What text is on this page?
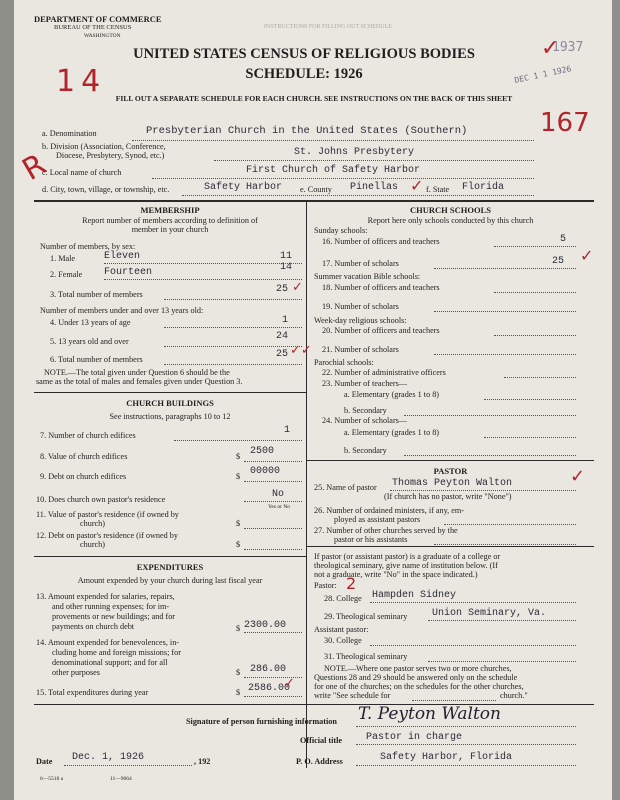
DEPARTMENT OF COMMERCE
BUREAU OF THE CENSUS
WASHINGTON
INSTRUCTIONS FOR FILLING OUT SCHEDULE
UNITED STATES CENSUS OF RELIGIOUS BODIES
SCHEDULE: 1926
FILL OUT A SEPARATE SCHEDULE FOR EACH CHURCH. SEE INSTRUCTIONS ON THE BACK OF THIS SHEET
1937
DEC 1 1 1926
✓
14
167
R
a. Denomination	Presbyterian Church in the United States (Southern)
b. Division (Association, Conference,
Diocese, Presbytery, Synod, etc.)	St. Johns Presbytery
c. Local name of church	First Church of Safety Harbor
d. City, town, village, or township, etc.	Safety Harbor e. County Pinellas ✓ f. State Florida
MEMBERSHIP
Report number of members according to definition of
member in your church
Number of members, by sex:
1. Male	Eleven	11
2. Female Fourteen	14
3. Total number of members	25 ✓
Number of members under and over 13 years old:
4. Under 13 years of age	1
5. 13 years old and over	24
6. Total number of members	25 ✓✓
NOTE.—The total given under Question 6 should be the
same as the total of males and females given under Question 3.
CHURCH BUILDINGS
See instructions, paragraphs 10 to 12
7. Number of church edifices	1
8. Value of church edifices	$ 2500
9. Debt on church edifices	$ 00000
10. Does church own pastor's residence	No
Yes or No
11. Value of pastor's residence (if owned by
church)	$
12. Debt on pastor's residence (if owned by
church)	$
EXPENDITURES
Amount expended by your church during last fiscal year
13. Amount expended for salaries, repairs,
and other running expenses; for im-
provements or new buildings; and for
payments on church debt	$ 2300.00
14. Amount expended for benevolences, in-
cluding home and foreign missions; for
denominational support; and for all
other purposes	$ 286.00
15. Total expenditures during year	$ 2586.00
✓
CHURCH SCHOOLS
Report here only schools conducted by this church
Sunday schools:
16. Number of officers and teachers	5
17. Number of scholars	25 ✓
Summer vacation Bible schools:
18. Number of officers and teachers
19. Number of scholars
Week-day religious schools:
20. Number of officers and teachers
21. Number of scholars
Parochial schools:
22. Number of administrative officers
23. Number of teachers—
a. Elementary (grades 1 to 8)
b. Secondary
24. Number of scholars—
a. Elementary (grades 1 to 8)
b. Secondary
PASTOR
25. Name of pastor Thomas Peyton Walton	✓
(If church has no pastor, write "None")
26. Number of ordained ministers, if any, em-
ployed as assistant pastors
27. Number of other churches served by the
pastor or his assistants
If pastor (or assistant pastor) is a graduate of a college or
theological seminary, give name of institution below. (If
not a graduate, write "No" in the space indicated.)
Pastor: 2
28. College Hampden Sidney
29. Theological seminary Union Seminary, Va.
Assistant pastor:
30. College
31. Theological seminary
NOTE.—Where one pastor serves two or more churches,
Questions 28 and 29 should be answered only on the schedule
for one of the churches; on the schedules for the other churches,
write "See schedule for	church."
Signature of person furnishing information T. Peyton Walton
Official title Pastor in charge
Date Dec. 1, 1926	, 192	P. O. Address	Safety Harbor, Florida
6—5518 a	11—9064
